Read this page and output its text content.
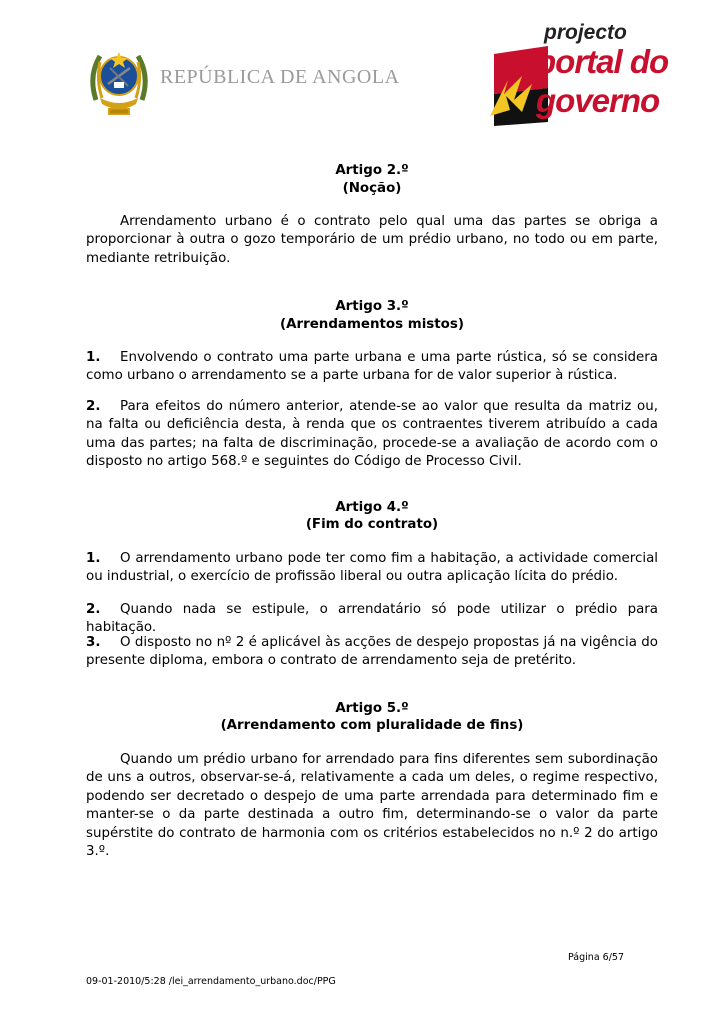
REPÚBLICA DE ANGOLA
projecto
portal do
governo
Artigo 2.º
(Noção)
Arrendamento urbano é o contrato pelo qual uma das partes se obriga a proporcionar à outra o gozo temporário de um prédio urbano, no todo ou em parte, mediante retribuição.
Artigo 3.º
(Arrendamentos mistos)
1. Envolvendo o contrato uma parte urbana e uma parte rústica, só se considera como urbano o arrendamento se a parte urbana for de valor superior à rústica.
2. Para efeitos do número anterior, atende-se ao valor que resulta da matriz ou, na falta ou deficiência desta, à renda que os contraentes tiverem atribuído a cada uma das partes; na falta de discriminação, procede-se a avaliação de acordo com o disposto no artigo 568.º e seguintes do Código de Processo Civil.
Artigo 4.º
(Fim do contrato)
1. O arrendamento urbano pode ter como fim a habitação, a actividade comercial ou industrial, o exercício de profissão liberal ou outra aplicação lícita do prédio.
2. Quando nada se estipule, o arrendatário só pode utilizar o prédio para habitação.
3. O disposto no nº 2 é aplicável às acções de despejo propostas já na vigência do presente diploma, embora o contrato de arrendamento seja de pretérito.
Artigo 5.º
(Arrendamento com pluralidade de fins)
Quando um prédio urbano for arrendado para fins diferentes sem subordinação de uns a outros, observar-se-á, relativamente a cada um deles, o regime respectivo, podendo ser decretado o despejo de uma parte arrendada para determinado fim e manter-se o da parte destinada a outro fim, determinando-se o valor da parte supérstite do contrato de harmonia com os critérios estabelecidos no n.º 2 do artigo 3.º.
Página 6/57
09-01-2010/5:28 /lei_arrendamento_urbano.doc/PPG
